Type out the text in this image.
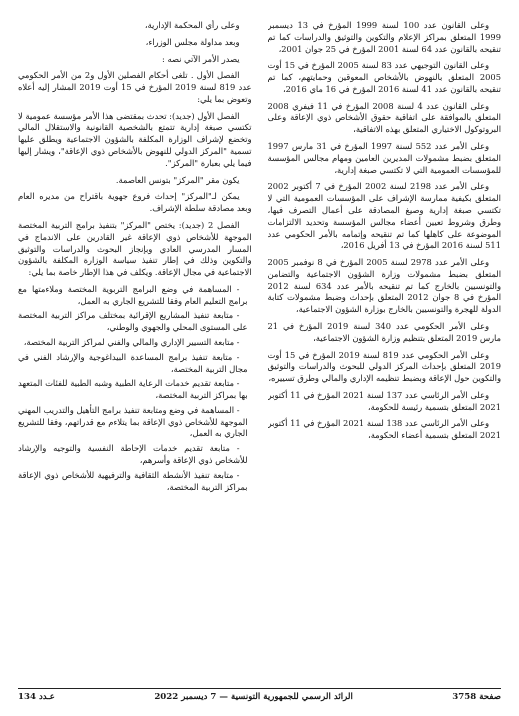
وعلى القانون عدد 100 لسنة 1999 المؤرخ في 13 ديسمبر 1999 المتعلق بمراكز الإعلام والتكوين والتوثيق والدراسات كما تم تنقيحه بالقانون عدد 64 لسنة 2001 المؤرخ في 25 جوان 2001،

وعلى القانون التوجيهي عدد 83 لسنة 2005 المؤرخ في 15 أوت 2005 المتعلق بالنهوض بالأشخاص المعوقين وحمايتهم، كما تم تنقيحه بالقانون عدد 41 لسنة 2016 المؤرخ في 16 ماي 2016،

وعلى القانون عدد 4 لسنة 2008 المؤرخ في 11 فيفري 2008 المتعلق بالموافقة على اتفاقية حقوق الأشخاص ذوي الإعاقة وعلى البروتوكول الاختياري المتعلق بهذه الاتفاقية،

وعلى الأمر عدد 552 لسنة 1997 المؤرخ في 31 مارس 1997 المتعلق بضبط مشمولات المديرين العامين ومهام مجالس المؤسسة للمؤسسات العمومية التي لا تكتسي صبغة إدارية،

وعلى الأمر عدد 2198 لسنة 2002 المؤرخ في 7 أكتوبر 2002 المتعلق بكيفية ممارسة الإشراف على المؤسسات العمومية التي لا تكتسي صبغة إدارية وصيغ المصادقة على أعمال التصرف فيها، وطرق وشروط تعيين أعضاء مجالس المؤسسة وتحديد الالتزامات الموضوعة على كاهلها كما تم تنقيحه وإتمامه بالأمر الحكومي عدد 511 لسنة 2016 المؤرخ في 13 أفريل 2016،

وعلى الأمر عدد 2978 لسنة 2005 المؤرخ في 8 نوفمبر 2005 المتعلق بضبط مشمولات وزارة الشؤون الاجتماعية والتضامن والتونسيين بالخارج كما تم تنقيحه بالأمر عدد 634 لسنة 2012 المؤرخ في 8 جوان 2012 المتعلق بإحداث وضبط مشمولات كتابة الدولة للهجرة والتونسيين بالخارج بوزارة الشؤون الاجتماعية،

وعلى الأمر الحكومي عدد 340 لسنة 2019 المؤرخ في 21 مارس 2019 المتعلق بتنظيم وزارة الشؤون الاجتماعية،

وعلى الأمر الحكومي عدد 819 لسنة 2019 المؤرخ في 15 أوت 2019 المتعلق بإحداث المركز الدولي للبحوث والدراسات والتوثيق والتكوين حول الإعاقة وبضبط تنظيمه الإداري والمالي وطرق تسييره،

وعلى الأمر الرئاسي عدد 137 لسنة 2021 المؤرخ في 11 أكتوبر 2021 المتعلق بتسمية رئيسة للحكومة،

وعلى الأمر الرئاسي عدد 138 لسنة 2021 المؤرخ في 11 أكتوبر 2021 المتعلق بتسمية أعضاء الحكومة،

وعلى رأي المحكمة الإدارية،

وبعد مداولة مجلس الوزراء،

يصدر الأمر الآتي نصه :

الفصل الأول . تلغى أحكام الفصلين الأول و2 من الأمر الحكومي عدد 819 لسنة 2019 المؤرخ في 15 أوت 2019 المشار إليه أعلاه وتعوض بما يلي:

الفصل الأول (جديد): تحدث بمقتضى هذا الأمر مؤسسة عمومية لا تكتسي صبغة إدارية تتمتع بالشخصية القانونية والاستقلال المالي وتخضع لإشراف الوزارة المكلفة بالشؤون الاجتماعية ويطلق عليها تسمية "المركز الدولي للنهوض بالأشخاص ذوي الإعاقة"، ويشار إليها فيما يلي بعبارة "المركز".

يكون مقر "المركز" بتونس العاصمة.

يمكن لـ"المركز" إحداث فروع جهوية باقتراح من مديره العام وبعد مصادقة سلطة الإشراف.

الفصل 2 (جديد): يختص "المركز" بتنفيذ برامج التربية المختصة الموجهة للأشخاص ذوي الإعاقة غير القادرين على الاندماج في المسار المدرسي العادي وبإنجاز البحوث والدراسات والتوثيق والتكوين وذلك في إطار تنفيذ سياسة الوزارة المكلفة بالشؤون الاجتماعية في مجال الإعاقة. ويكلف في هذا الإطار خاصة بما يلي:

- المساهمة في وضع البرامج التربوية المختصة وملاءمتها مع برامج التعليم العام وفقا للتشريع الجاري به العمل،

- متابعة تنفيذ المشاريع الإقرائية بمختلف مراكز التربية المختصة على المستوى المحلي والجهوي والوطني،

- متابعة التسيير الإداري والمالي والفني لمراكز التربية المختصة،

- متابعة تنفيذ برامج المساعدة البيداغوجية والإرشاد الفني في مجال التربية المختصة،

- متابعة تقديم خدمات الرعاية الطبية وشبه الطبية للفئات المتعهد بها بمراكز التربية المختصة،

- المساهمة في وضع ومتابعة تنفيذ برامج التأهيل والتدريب المهني الموجهة للأشخاص ذوي الإعاقة بما يتلاءم مع قدراتهم، وفقا للتشريع الجاري به العمل،

- متابعة تقديم خدمات الإحاطة النفسية والتوجيه والإرشاد للأشخاص ذوي الإعاقة وأسرهم،

- متابعة تنفيذ الأنشطة الثقافية والترفيهية للأشخاص ذوي الإعاقة بمراكز التربية المختصة،

صفحة 3758
الرائد الرسمي للجمهورية التونسية — 7 ديسمبر 2022
عـدد 134
